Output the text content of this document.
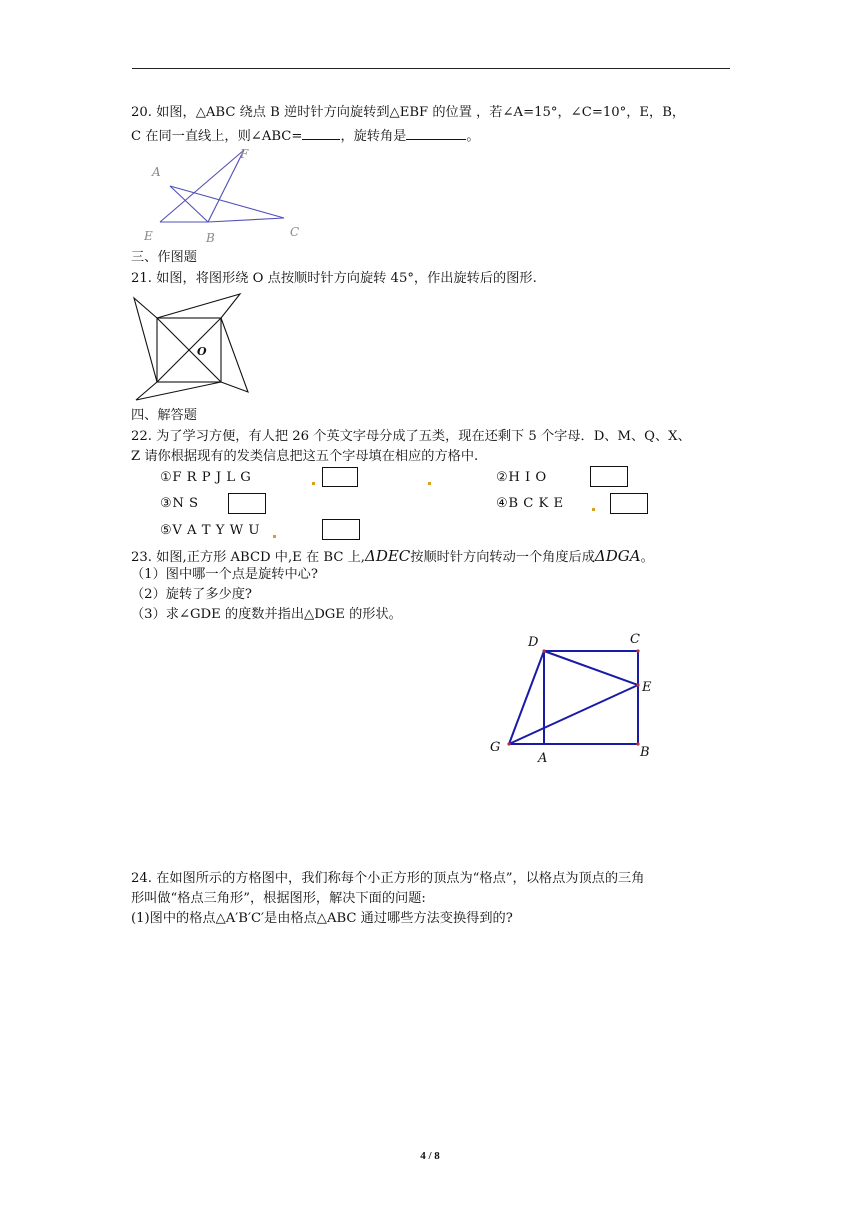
20. 如图，△ABC 绕点 B 逆时针方向旋转到△EBF 的位置 ，若∠A=15°，∠C=10°，E，B，
C 在同一直线上，则∠ABC=	，旋转角是	。
A
F
E	B	C
三、作图题
21. 如图，将图形绕 O 点按顺时针方向旋转 45°，作出旋转后的图形.
O
四、解答题
22. 为了学习方便，有人把 26 个英文字母分成了五类，现在还剩下 5 个字母．D、M、Q、X、
Z 请你根据现有的发类信息把这五个字母填在相应的方格中.
①F R P J L G	②H I O
③N S	④B C K E
⑤V A T Y W U
23. 如图,正方形 ABCD 中,E 在 BC 上,ΔDEC按顺时针方向转动一个角度后成ΔDGA。
（1）图中哪一个点是旋转中心?
（2）旋转了多少度?
（3）求∠GDE 的度数并指出△DGE 的形状。
D	C
E
G
A	B
24. 在如图所示的方格图中，我们称每个小正方形的顶点为“格点”，以格点为顶点的三角
形叫做“格点三角形”，根据图形，解决下面的问题:
(1)图中的格点△A′B′C′是由格点△ABC 通过哪些方法变换得到的?
4 / 8
